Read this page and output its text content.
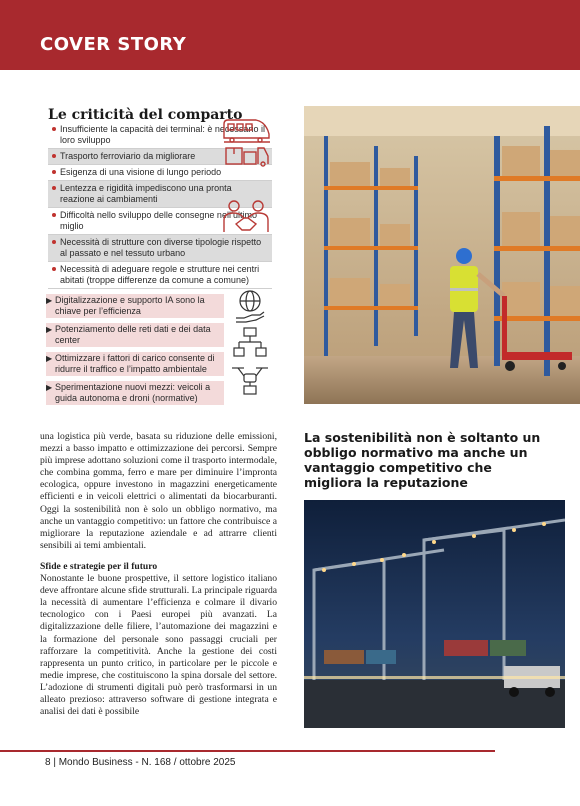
COVER STORY
Le criticità del comparto
Insufficiente la capacità dei terminal: è necessario il loro sviluppo
Trasporto ferroviario da migliorare
Esigenza di una visione di lungo periodo
Lentezza e rigidità impediscono una pronta reazione ai cambiamenti
Difficoltà nello sviluppo delle consegne nell’ultimo miglio
Necessità di strutture con diverse tipologie rispetto al passato e nel tessuto urbano
Necessità di adeguare regole e strutture nei centri abitati (troppe differenze da comune a comune)
▶ Digitalizzazione e supporto IA sono la chiave per l’efficienza
▶ Potenziamento delle reti dati e dei data center
▶ Ottimizzare i fattori di carico consente di ridurre il traffico e l’impatto ambientale
▶ Sperimentazione nuovi mezzi: veicoli a guida autonoma e droni (normative)
La sostenibilità non è soltanto un obbligo normativo ma anche un vantaggio competitivo che migliora la reputazione

una logistica più verde, basata su riduzione delle emissioni, mezzi a basso impatto e ottimizzazione dei percorsi. Sempre più imprese adottano soluzioni come il trasporto intermodale, che combina gomma, ferro e mare per diminuire l’impronta ecologica, oppure investono in magazzini energeticamente efficienti e in veicoli elettrici o alimentati da biocarburanti. Oggi la sostenibilità non è solo un obbligo normativo, ma anche un vantaggio competitivo: un fattore che contribuisce a migliorare la reputazione aziendale e ad attrarre clienti sensibili ai temi ambientali.

Sfide e strategie per il futuro

Nonostante le buone prospettive, il settore logistico italiano deve affrontare alcune sfide strutturali. La principale riguarda la necessità di aumentare l’efficienza e colmare il divario tecnologico con i Paesi europei più avanzati. La digitalizzazione delle filiere, l’automazione dei magazzini e la formazione del personale sono passaggi cruciali per rafforzare la competitività. Anche la gestione dei costi rappresenta un punto critico, in particolare per le piccole e medie imprese, che costituiscono la spina dorsale del settore. L’adozione di strumenti digitali può però trasformarsi in un alleato prezioso: attraverso software di gestione integrata e analisi dei dati è possibile

8 | Mondo Business - N. 168 / ottobre 2025
